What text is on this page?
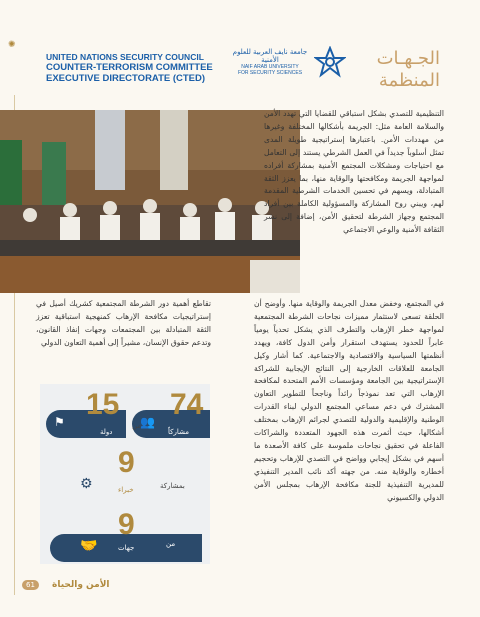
✺
UNITED NATIONS SECURITY COUNCIL
COUNTER-TERRORISM COMMITTEE
EXECUTIVE DIRECTORATE (CTED)
جامعة نايف العربية للعلوم الأمنية
NAIF ARAB UNIVERSITY
FOR SECURITY SCIENCES
الجـهـات
المنظمة
التنظيمية للتصدي بشكل استباقي للقضايا التي تهدد الأمن والسلامة العامة مثل: الجريمة بأشكالها المختلفة وغيرها من مهددات الأمن. باعتبارها إستراتيجية طويلة المدى تمثل أسلوباً جديداً في العمل الشرطي يستند إلى التعامل مع احتياجات ومشكلات المجتمع الأمنية بمشاركة أفراده لمواجهة الجريمة ومكافحتها والوقاية منها، بما يعزز الثقة المتبادلة، ويسهم في تحسين الخدمات الشرطية المقدمة لهم، ويبني روح المشاركة والمسؤولية الكاملة بين أفراد المجتمع وجهاز الشرطة لتحقيق الأمن، إضافة إلى نشر الثقافة الأمنية والوعي الاجتماعي
تقاطع أهمية دور الشرطة المجتمعية كشريك أصيل في إستراتيجيات مكافحة الإرهاب كمنهجية استباقية تعزز الثقة المتبادلة بين المجتمعات وجهات إنفاذ القانون، وتدعم حقوق الإنسان، مشيراً إلى أهمية التعاون الدولي
في المجتمع، وخفض معدل الجريمة والوقاية منها. وأوضح أن الحلقة تسعى لاستثمار مميزات نجاحات الشرطة المجتمعية لمواجهة خطر الإرهاب والتطرف الذي يشكل تحدياً يومياً عابراً للحدود يستهدف استقرار وأمن الدول كافة، ويهدد أنظمتها السياسية والاقتصادية والاجتماعية. كما أشار وكيل الجامعة للعلاقات الخارجية إلى النتائج الإيجابية للشراكة الإستراتيجية بين الجامعة ومؤسسات الأمم المتحدة لمكافحة الإرهاب التي تعد نموذجاً رائداً وناجحاً للتطوير التعاون المشترك في دعم مساعي المجتمع الدولي لبناء القدرات الوطنية والإقليمية والدولية للتصدي لجرائم الإرهاب بمختلف أشكالها، حيث أثمرت هذه الجهود المتعددة والشراكات الفاعلة في تحقيق نجاحات ملموسة على كافة الأصعدة ما أسهم في بشكل إيجابي وواضح في التصدي للإرهاب وتحجيم أخطاره والوقاية منه. من جهته أكد نائب المدير التنفيذي للمديرية التنفيذية للجنة مكافحة الإرهاب بمجلس الأمن الدولي والكسيوني
74
مشاركاً
👥
15
دولة
من
⚑
9
خبراء	بمشاركة
⚙
9
جهات	من
🤝
61	الأمن والحياة
